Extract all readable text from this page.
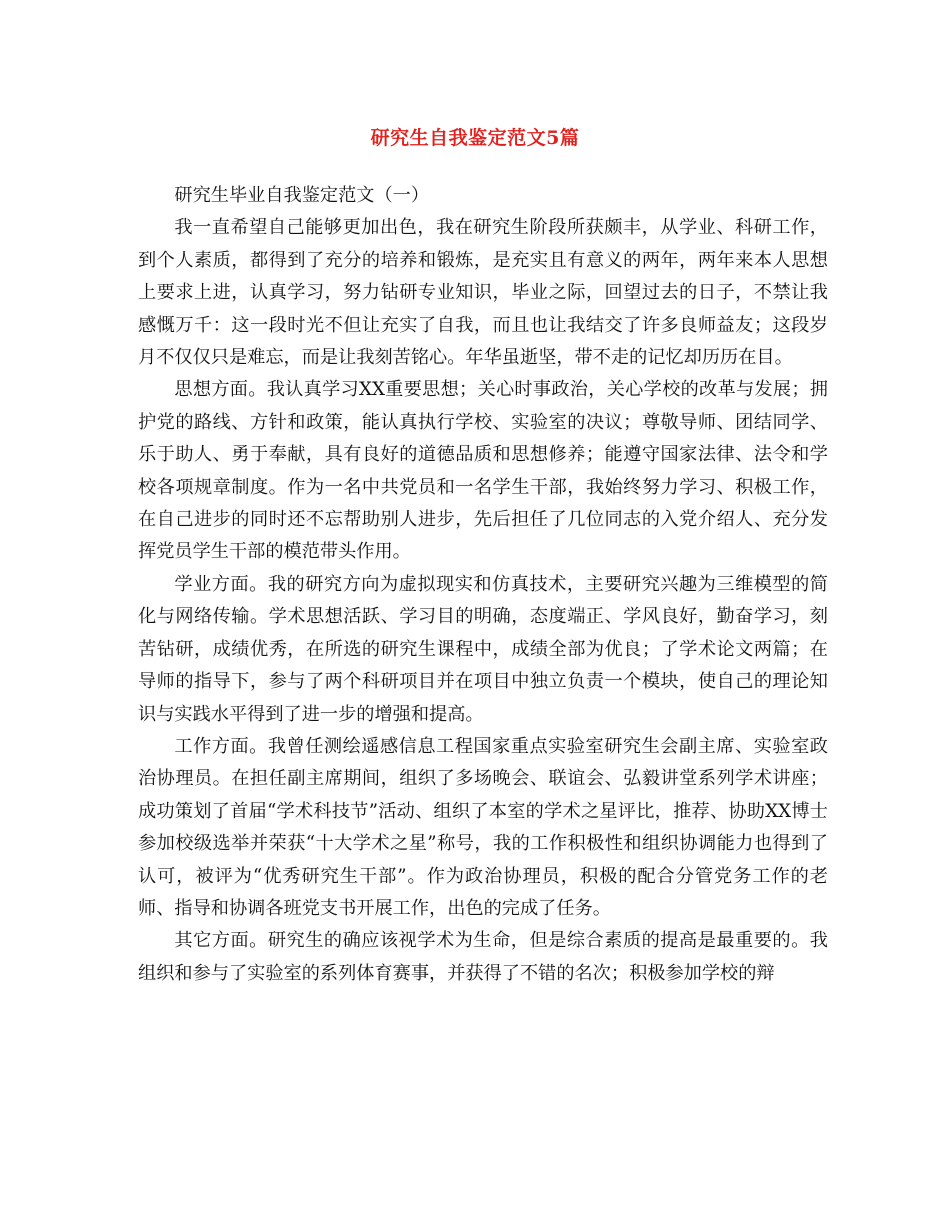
研究生自我鉴定范文5篇

研究生毕业自我鉴定范文（一）

我一直希望自己能够更加出色，我在研究生阶段所获颇丰，从学业、科研工作，到个人素质，都得到了充分的培养和锻炼，是充实且有意义的两年，两年来本人思想上要求上进，认真学习，努力钻研专业知识，毕业之际，回望过去的日子，不禁让我感慨万千：这一段时光不但让充实了自我，而且也让我结交了许多良师益友；这段岁月不仅仅只是难忘，而是让我刻苦铭心。年华虽逝坚，带不走的记忆却历历在目。

思想方面。我认真学习XX重要思想；关心时事政治，关心学校的改革与发展；拥护党的路线、方针和政策，能认真执行学校、实验室的决议；尊敬导师、团结同学、乐于助人、勇于奉献，具有良好的道德品质和思想修养；能遵守国家法律、法令和学校各项规章制度。作为一名中共党员和一名学生干部，我始终努力学习、积极工作，在自己进步的同时还不忘帮助别人进步，先后担任了几位同志的入党介绍人、充分发挥党员学生干部的模范带头作用。

学业方面。我的研究方向为虚拟现实和仿真技术，主要研究兴趣为三维模型的简化与网络传输。学术思想活跃、学习目的明确，态度端正、学风良好，勤奋学习，刻苦钻研，成绩优秀，在所选的研究生课程中，成绩全部为优良；了学术论文两篇；在导师的指导下，参与了两个科研项目并在项目中独立负责一个模块，使自己的理论知识与实践水平得到了进一步的增强和提高。

工作方面。我曾任测绘遥感信息工程国家重点实验室研究生会副主席、实验室政治协理员。在担任副主席期间，组织了多场晚会、联谊会、弘毅讲堂系列学术讲座；成功策划了首届“学术科技节”活动、组织了本室的学术之星评比，推荐、协助XX博士参加校级选举并荣获“十大学术之星”称号，我的工作积极性和组织协调能力也得到了认可，被评为“优秀研究生干部”。作为政治协理员，积极的配合分管党务工作的老师、指导和协调各班党支书开展工作，出色的完成了任务。

其它方面。研究生的确应该视学术为生命，但是综合素质的提高是最重要的。我组织和参与了实验室的系列体育赛事，并获得了不错的名次；积极参加学校的辩
